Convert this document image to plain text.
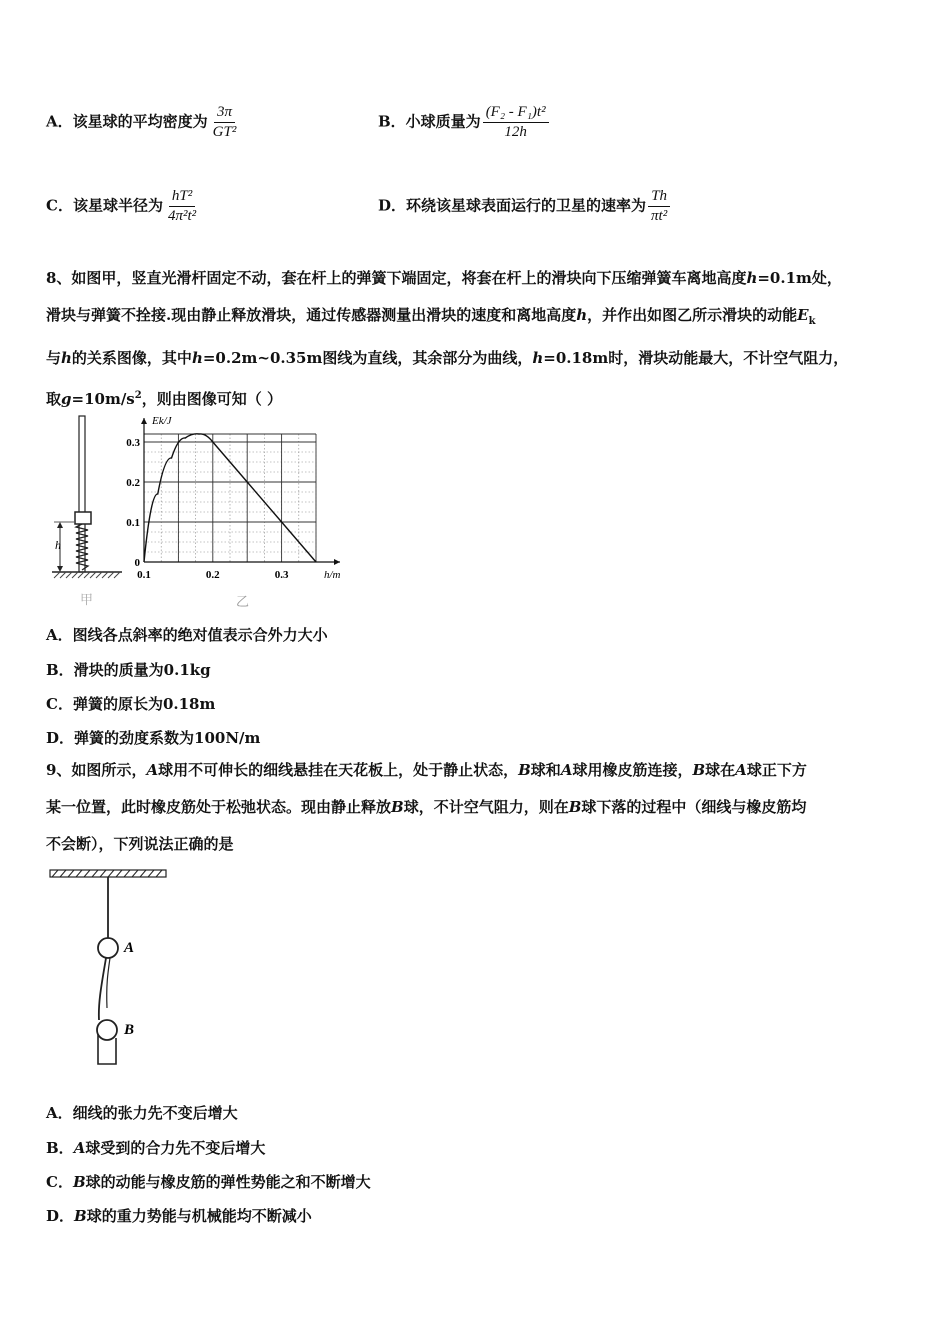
A．该星球的平均密度为 $\frac{3\pi}{\text{GT²}}$	B．小球质量为 $\frac{\text{(F₂ - F₁)t²}}{12h}$
C．该星球半径为 $\frac{\text{hT²}}{\text{4π²t²}}$	D．环绕该星球表面运行的卫星的速率为 $\frac{Th}{\text{πt²}}$

8、如图甲，竖直光滑杆固定不动，套在杆上的弹簧下端固定，将套在杆上的滑块向下压缩弹簧车离地高度h=0.1m处，

滑块与弹簧不拴接.现由静止释放滑块，通过传感器测量出滑块的速度和离地高度h，并作出如图乙所示滑块的动能$E_k$

与h的关系图像，其中h=0.2m~0.35m图线为直线，其余部分为曲线，h=0.18m时，滑块动能最大，不计空气阻力，

取$g=10m/s^2$，则由图像可知（ ）

h
甲
0
0.1
0.2
0.3
0.1	0.2	0.3
Ek/J
h/m
乙
A．图线各点斜率的绝对值表示合外力大小
B．滑块的质量为0.1kg
C．弹簧的原长为0.18m
D．弹簧的劲度系数为100N/m

9、如图所示，A球用不可伸长的细线悬挂在天花板上，处于静止状态，B球和A球用橡皮筋连接，B球在A球正下方

某一位置，此时橡皮筋处于松弛状态。现由静止释放B球，不计空气阻力，则在B球下落的过程中（细线与橡皮筋均

不会断），下列说法正确的是

A
B
A．细线的张力先不变后增大
B．A球受到的合力先不变后增大
C．B球的动能与橡皮筋的弹性势能之和不断增大
D．B球的重力势能与机械能均不断减小
